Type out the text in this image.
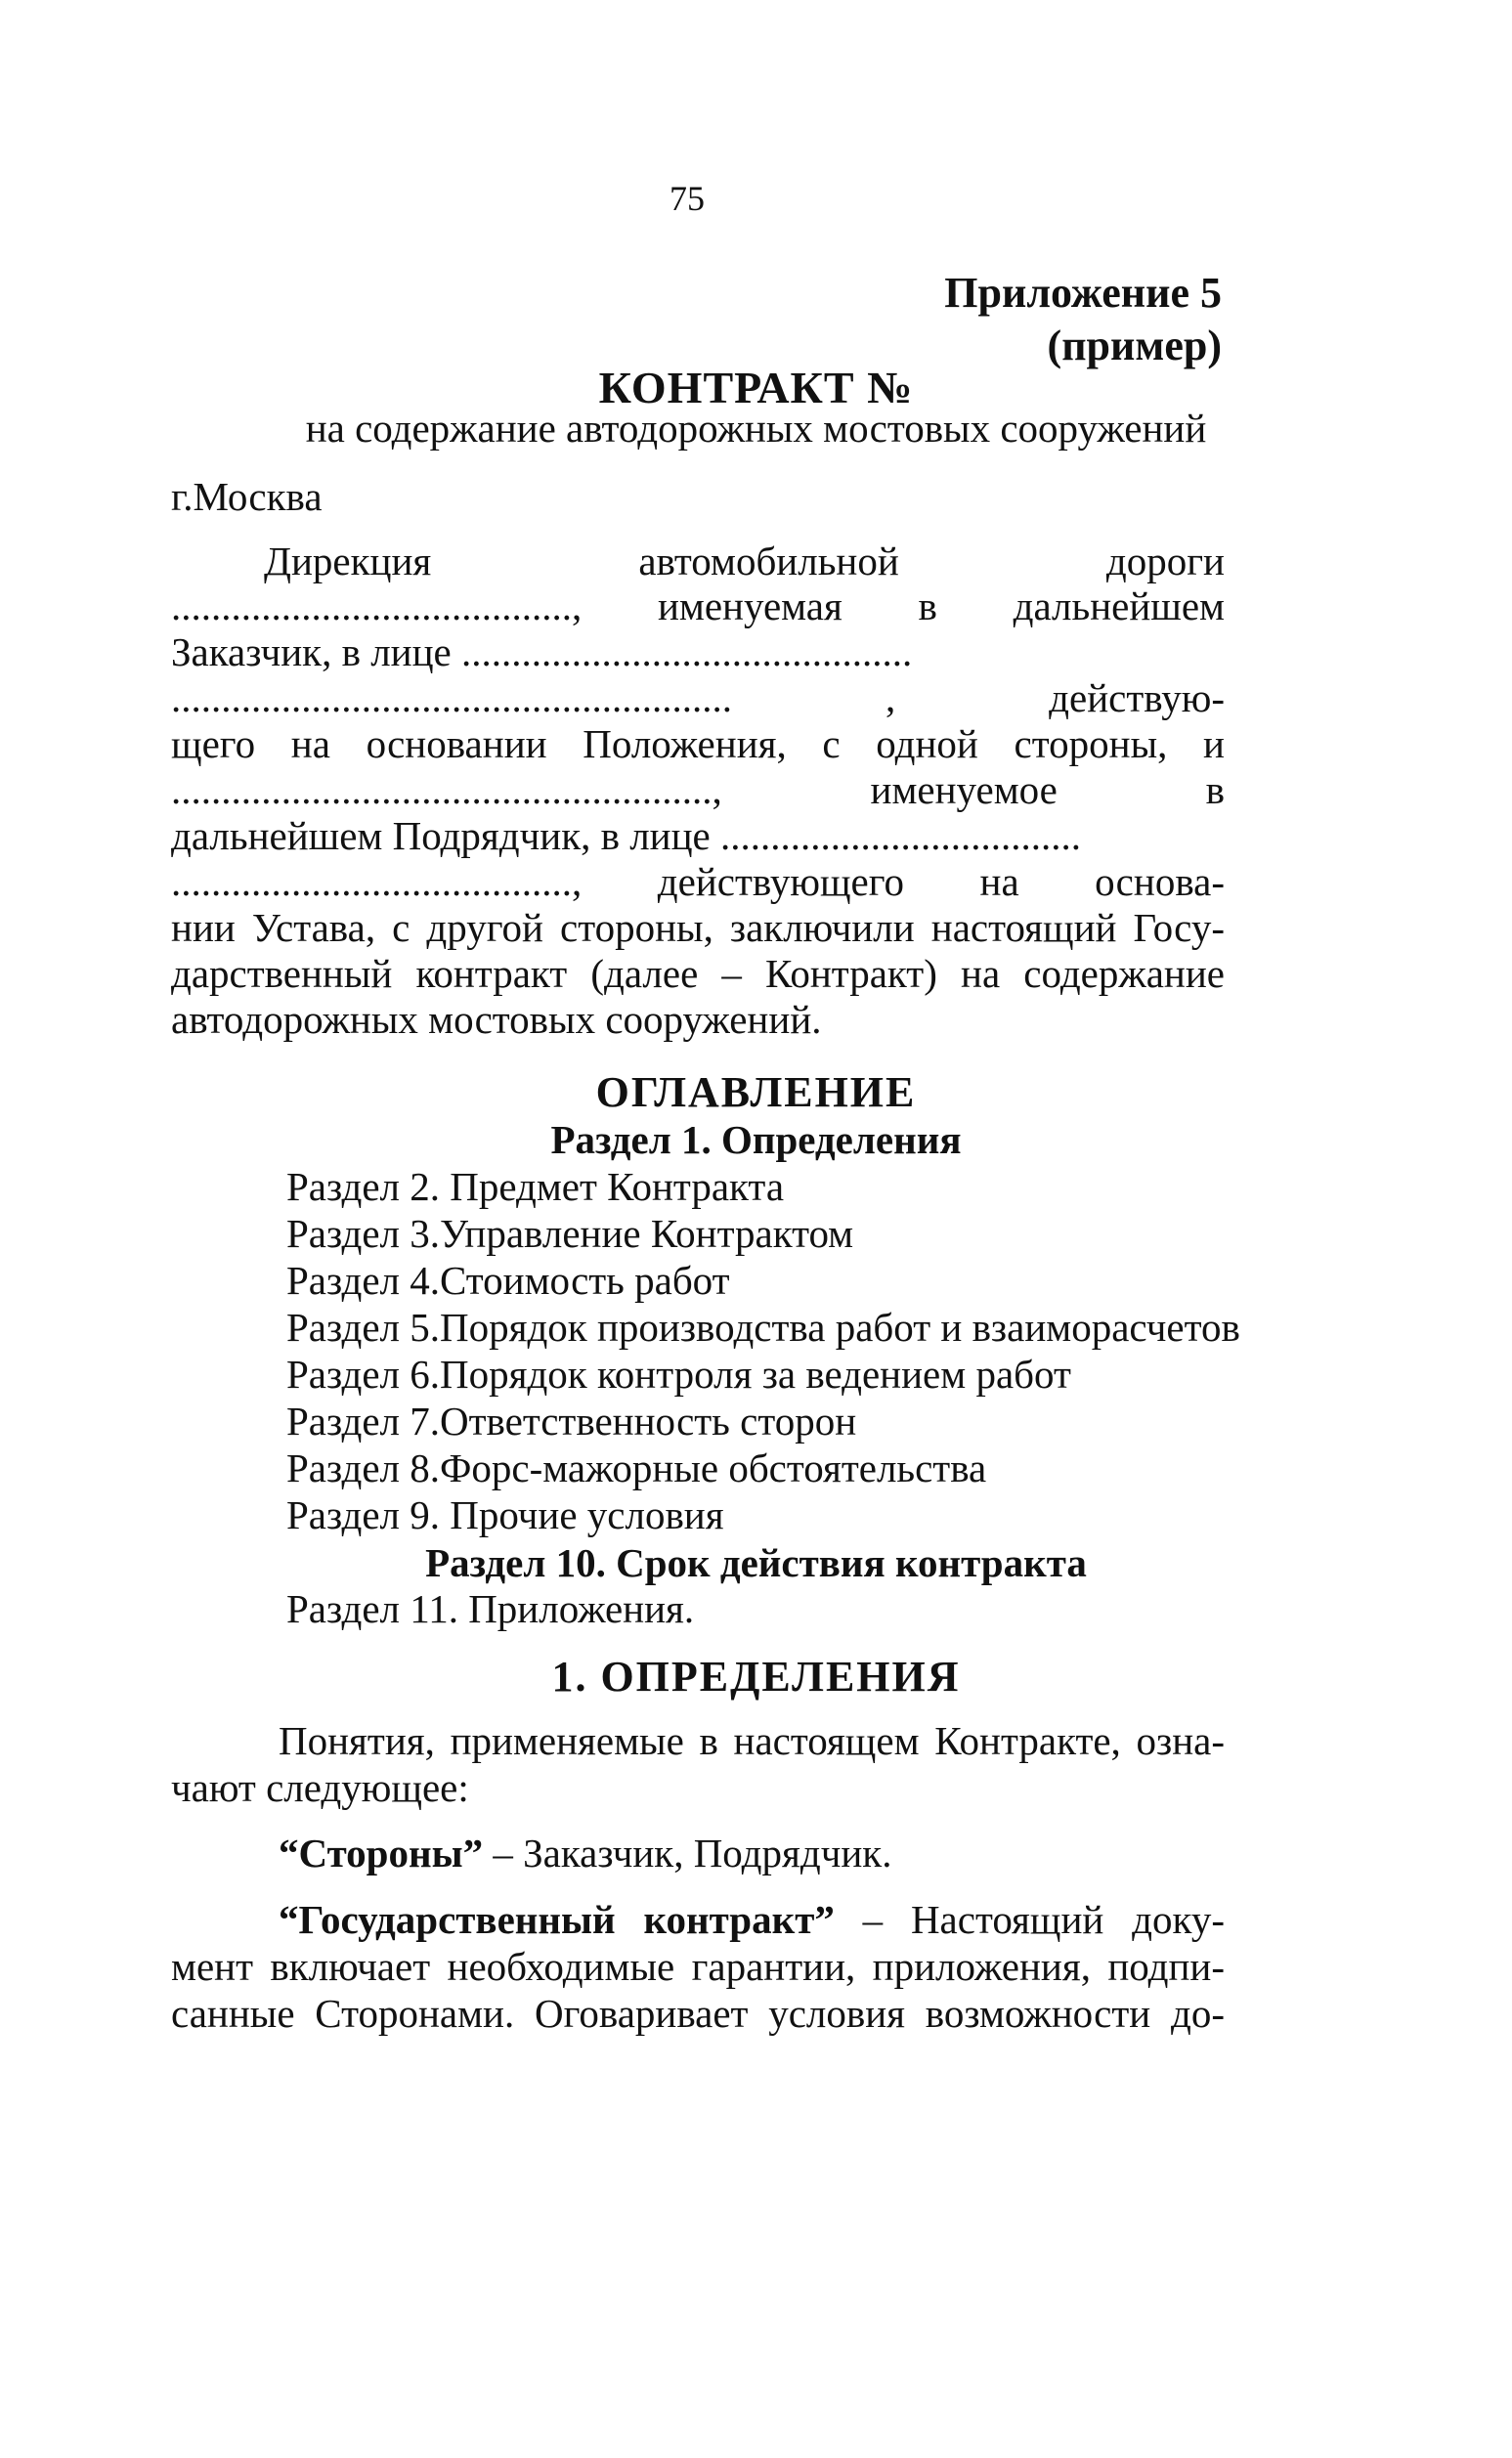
75
Приложение 5
(пример)
КОНТРАКТ №
на содержание автодорожных мостовых сооружений
г.Москва
Дирекция автомобильной дороги
........................................, именуемая в дальнейшем
Заказчик, в лице .............................................
........................................................ , действую-
щего на основании Положения, с одной стороны, и
......................................................, именуемое в
дальнейшем Подрядчик, в лице ....................................
........................................, действующего на основа-
нии Устава, с другой стороны, заключили настоящий Госу-
дарственный контракт (далее – Контракт) на содержание
автодорожных мостовых сооружений.
ОГЛАВЛЕНИЕ
Раздел 1. Определения
Раздел 2. Предмет Контракта
Раздел 3.Управление Контрактом
Раздел 4.Стоимость работ
Раздел 5.Порядок производства работ и взаиморасчетов
Раздел 6.Порядок контроля за ведением работ
Раздел 7.Ответственность сторон
Раздел 8.Форс-мажорные обстоятельства
Раздел 9. Прочие условия
Раздел 10. Срок действия контракта
Раздел 11. Приложения.
1. ОПРЕДЕЛЕНИЯ
Понятия, применяемые в настоящем Контракте, озна-
чают следующее:
“Стороны” – Заказчик, Подрядчик.
“Государственный контракт” – Настоящий доку-
мент включает необходимые гарантии, приложения, подпи-
санные Сторонами. Оговаривает условия возможности до-
